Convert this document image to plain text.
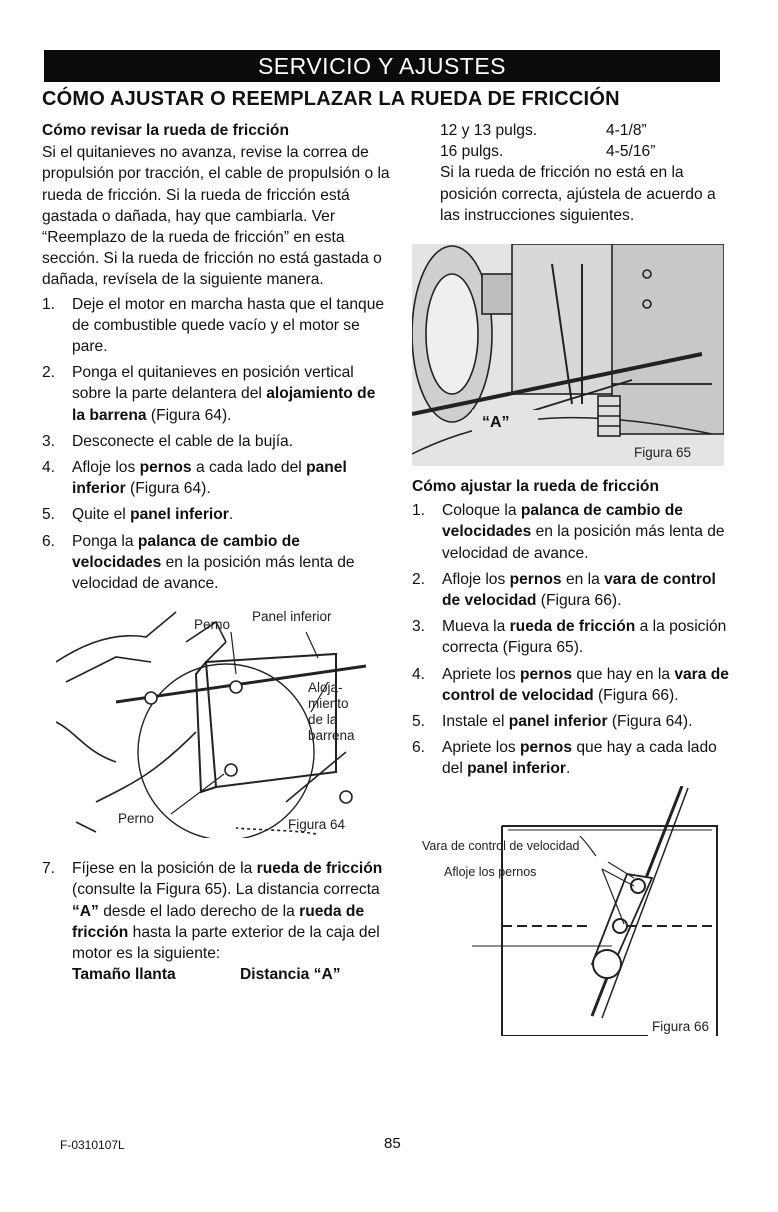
SERVICIO Y AJUSTES
CÓMO AJUSTAR O REEMPLAZAR LA RUEDA DE FRICCIÓN

Cómo revisar la rueda de fricción

Si el quitanieves no avanza, revise la correa de propulsión por tracción, el cable de propulsión o la rueda de fricción. Si la rueda de fricción está gastada o dañada, hay que cambiarla. Ver “Reemplazo de la rueda de fricción” en esta sección. Si la rueda de fricción no está gastada o dañada, revísela de la siguiente manera.

1.	Deje el motor en marcha hasta que el tanque de combustible quede vacío y el motor se pare.
2.	Ponga el quitanieves en posición vertical sobre la parte delantera del alojamiento de la barrena (Figura 64).
3.	Desconecte el cable de la bujía.
4.	Afloje los pernos a cada lado del panel inferior (Figura 64).
5.	Quite el panel inferior.
6.	Ponga la palanca de cambio de velocidades en la posición más lenta de velocidad de avance.
Perno
Panel inferior
Aloja-
miento
de la
barrena
Perno	Figura 64
7.	Fíjese en la posición de la rueda de fricción (consulte la Figura 65). La distancia correcta “A” desde el lado derecho de la rueda de fricción hasta la parte exterior de la caja del motor es la siguiente:
Tamaño llanta	Distancia “A”
12 y 13 pulgs.	4-1/8”
16 pulgs.	4-5/16”

Si la rueda de fricción no está en la posición correcta, ajústela de acuerdo a las instrucciones siguientes.

“A”
Figura 65

Cómo ajustar la rueda de fricción

1.	Coloque la palanca de cambio de velocidades en la posición más lenta de velocidad de avance.
2.	Afloje los pernos en la vara de control de velocidad (Figura 66).
3.	Mueva la rueda de fricción a la posición correcta (Figura 65).
4.	Apriete los pernos que hay en la vara de control de velocidad (Figura 66).
5.	Instale el panel inferior (Figura 64).
6.	Apriete los pernos que hay a cada lado del panel inferior.
Vara de control de velocidad
Afloje los pernos
Figura 66
F-0310107L	85
